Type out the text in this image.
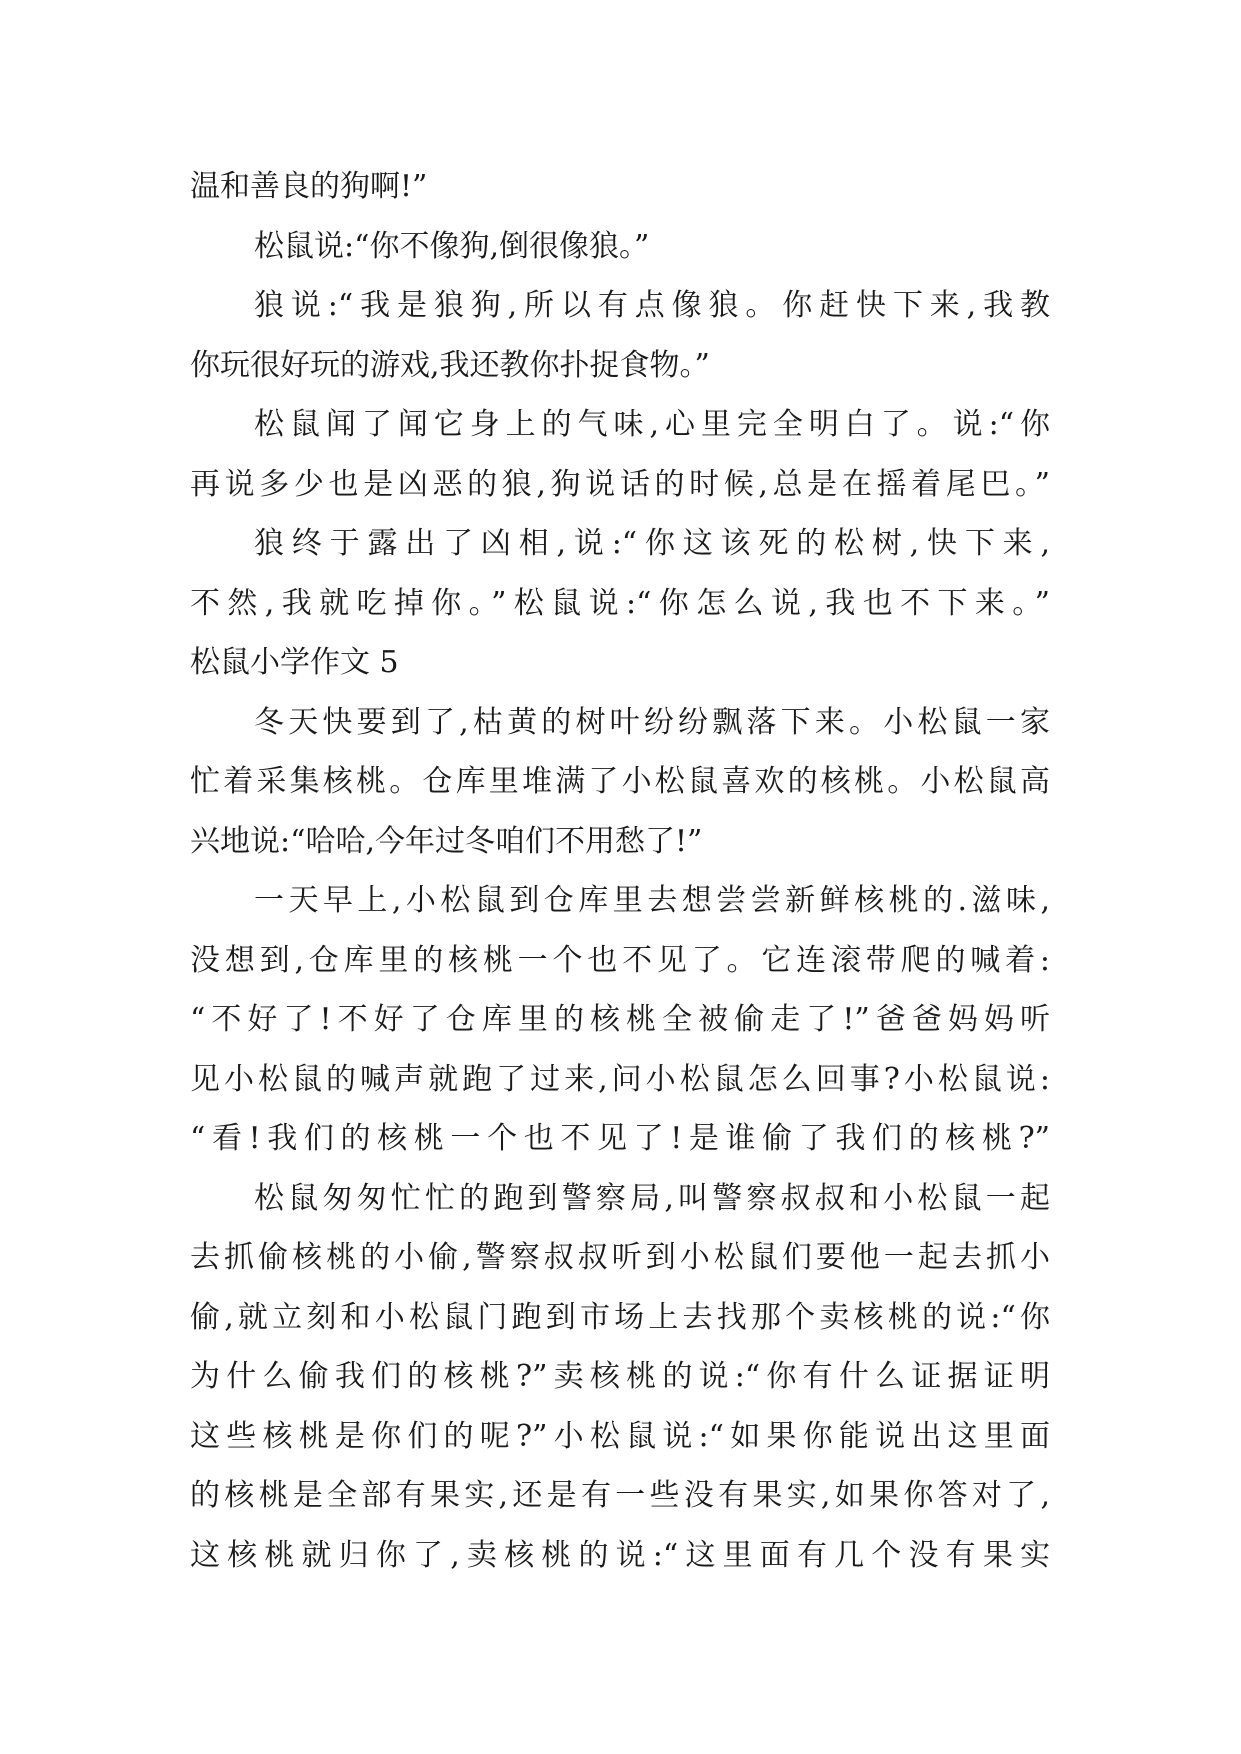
温和善良的狗啊!”
松鼠说:“你不像狗,倒很像狼。”
狼说:“我是狼狗,所以有点像狼。你赶快下来,我教
你玩很好玩的游戏,我还教你扑捉食物。”
松鼠闻了闻它身上的气味,心里完全明白了。说:“你
再说多少也是凶恶的狼,狗说话的时候,总是在摇着尾巴。”
狼终于露出了凶相,说:“你这该死的松树,快下来,
不然,我就吃掉你。”松鼠说:“你怎么说,我也不下来。”
松鼠小学作文 5
冬天快要到了,枯黄的树叶纷纷飘落下来。小松鼠一家
忙着采集核桃。仓库里堆满了小松鼠喜欢的核桃。小松鼠高
兴地说:“哈哈,今年过冬咱们不用愁了!”
一天早上,小松鼠到仓库里去想尝尝新鲜核桃的.滋味,
没想到,仓库里的核桃一个也不见了。它连滚带爬的喊着:
“不好了!不好了仓库里的核桃全被偷走了!”爸爸妈妈听
见小松鼠的喊声就跑了过来,问小松鼠怎么回事?小松鼠说:
“看!我们的核桃一个也不见了!是谁偷了我们的核桃?”
松鼠匆匆忙忙的跑到警察局,叫警察叔叔和小松鼠一起
去抓偷核桃的小偷,警察叔叔听到小松鼠们要他一起去抓小
偷,就立刻和小松鼠门跑到市场上去找那个卖核桃的说:“你
为什么偷我们的核桃?”卖核桃的说:“你有什么证据证明
这些核桃是你们的呢?”小松鼠说:“如果你能说出这里面
的核桃是全部有果实,还是有一些没有果实,如果你答对了,
这核桃就归你了,卖核桃的说:“这里面有几个没有果实
